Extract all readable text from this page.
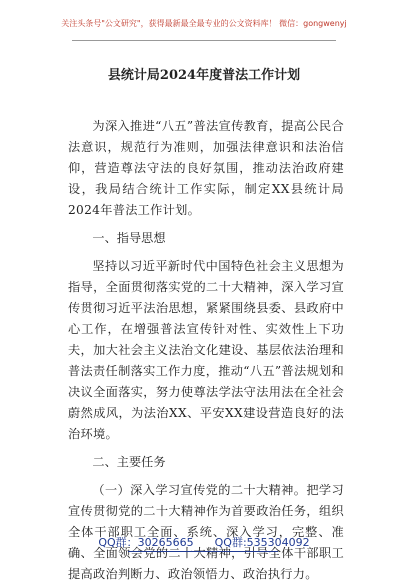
关注头条号"公文研究"，获得最新最全最专业的公文资料库！ 微信：gongwenyj
县统计局2024年度普法工作计划

为深入推进“八五”普法宣传教育，提高公民合法意识，规范行为准则，加强法律意识和法治信仰，营造尊法守法的良好氛围，推动法治政府建设，我局结合统计工作实际，制定XX县统计局2024年普法工作计划。

一、指导思想

坚持以习近平新时代中国特色社会主义思想为指导，全面贯彻落实党的二十大精神，深入学习宣传贯彻习近平法治思想，紧紧围绕县委、县政府中心工作，在增强普法宣传针对性、实效性上下功夫，加大社会主义法治文化建设、基层依法治理和普法责任制落实工作力度，推动“八五”普法规划和决议全面落实，努力使尊法学法守法用法在全社会蔚然成风，为法治XX、平安XX建设营造良好的法治环境。

二、主要任务

（一）深入学习宣传党的二十大精神。把学习宣传贯彻党的二十大精神作为首要政治任务，组织全体干部职工全面、系统、深入学习，完整、准确、全面领会党的二十大精神，引导全体干部职工提高政治判断力、政治领悟力、政治执行力。

QQ群：30265665 QQ群:535304092
